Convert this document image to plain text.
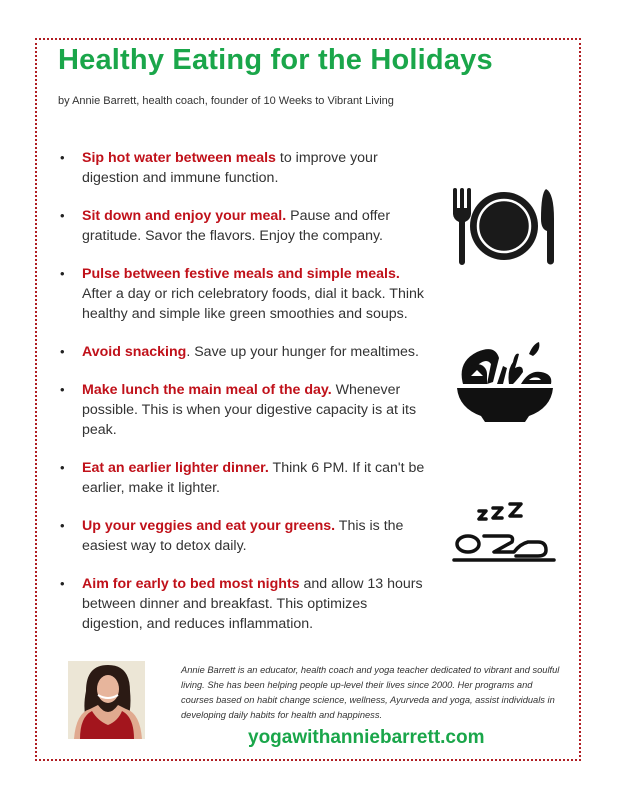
Healthy Eating for the Holidays
by Annie Barrett, health coach, founder of 10 Weeks to Vibrant Living
• Sip hot water between meals to improve your digestion and immune function.
• Sit down and enjoy your meal. Pause and offer gratitude. Savor the flavors. Enjoy the company.
• Pulse between festive meals and simple meals. After a day or rich celebratory foods, dial it back. Think healthy and simple like green smoothies and soups.
• Avoid snacking. Save up your hunger for mealtimes.
• Make lunch the main meal of the day. Whenever possible. This is when your digestive capacity is at its peak.
• Eat an earlier lighter dinner. Think 6 PM. If it can't be earlier, make it lighter.
• Up your veggies and eat your greens. This is the easiest way to detox daily.
• Aim for early to bed most nights and allow 13 hours between dinner and breakfast. This optimizes digestion, and reduces inflammation.
Annie Barrett is an educator, health coach and yoga teacher dedicated to vibrant and soulful living. She has been helping people up-level their lives since 2000. Her programs and courses based on habit change science, wellness, Ayurveda and yoga, assist individuals in developing daily habits for health and happiness.
yogawithanniebarrett.com
